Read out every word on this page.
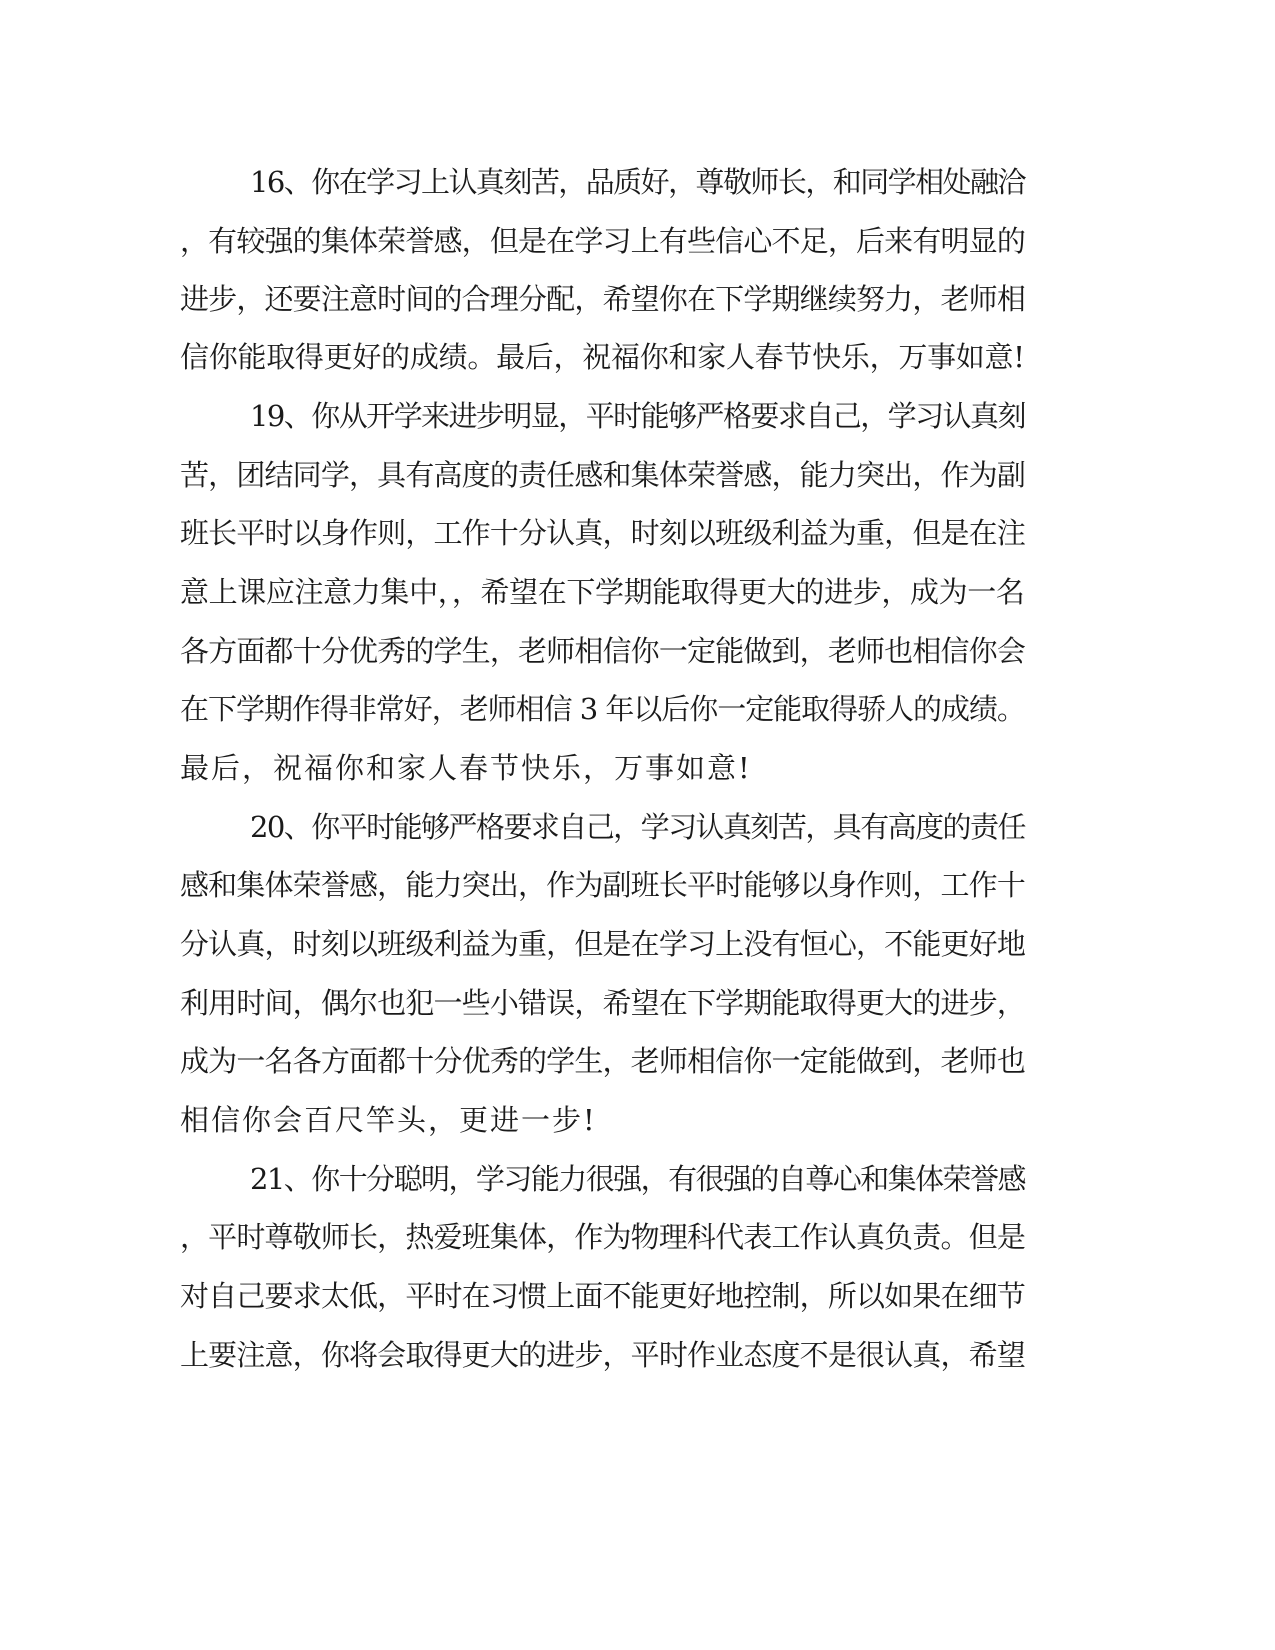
16、你在学习上认真刻苦，品质好，尊敬师长，和同学相处融洽
，有较强的集体荣誉感，但是在学习上有些信心不足，后来有明显的
进步，还要注意时间的合理分配，希望你在下学期继续努力，老师相
信你能取得更好的成绩。最后，祝福你和家人春节快乐，万事如意!
19、你从开学来进步明显，平时能够严格要求自己，学习认真刻
苦，团结同学，具有高度的责任感和集体荣誉感，能力突出，作为副
班长平时以身作则，工作十分认真，时刻以班级利益为重，但是在注
意上课应注意力集中，，希望在下学期能取得更大的进步，成为一名
各方面都十分优秀的学生，老师相信你一定能做到，老师也相信你会
在下学期作得非常好，老师相信 3 年以后你一定能取得骄人的成绩。
最后，祝福你和家人春节快乐，万事如意!
20、你平时能够严格要求自己，学习认真刻苦，具有高度的责任
感和集体荣誉感，能力突出，作为副班长平时能够以身作则，工作十
分认真，时刻以班级利益为重，但是在学习上没有恒心，不能更好地
利用时间，偶尔也犯一些小错误，希望在下学期能取得更大的进步，
成为一名各方面都十分优秀的学生，老师相信你一定能做到，老师也
相信你会百尺竿头，更进一步!
21、你十分聪明，学习能力很强，有很强的自尊心和集体荣誉感
，平时尊敬师长，热爱班集体，作为物理科代表工作认真负责。但是
对自己要求太低，平时在习惯上面不能更好地控制，所以如果在细节
上要注意，你将会取得更大的进步，平时作业态度不是很认真，希望
